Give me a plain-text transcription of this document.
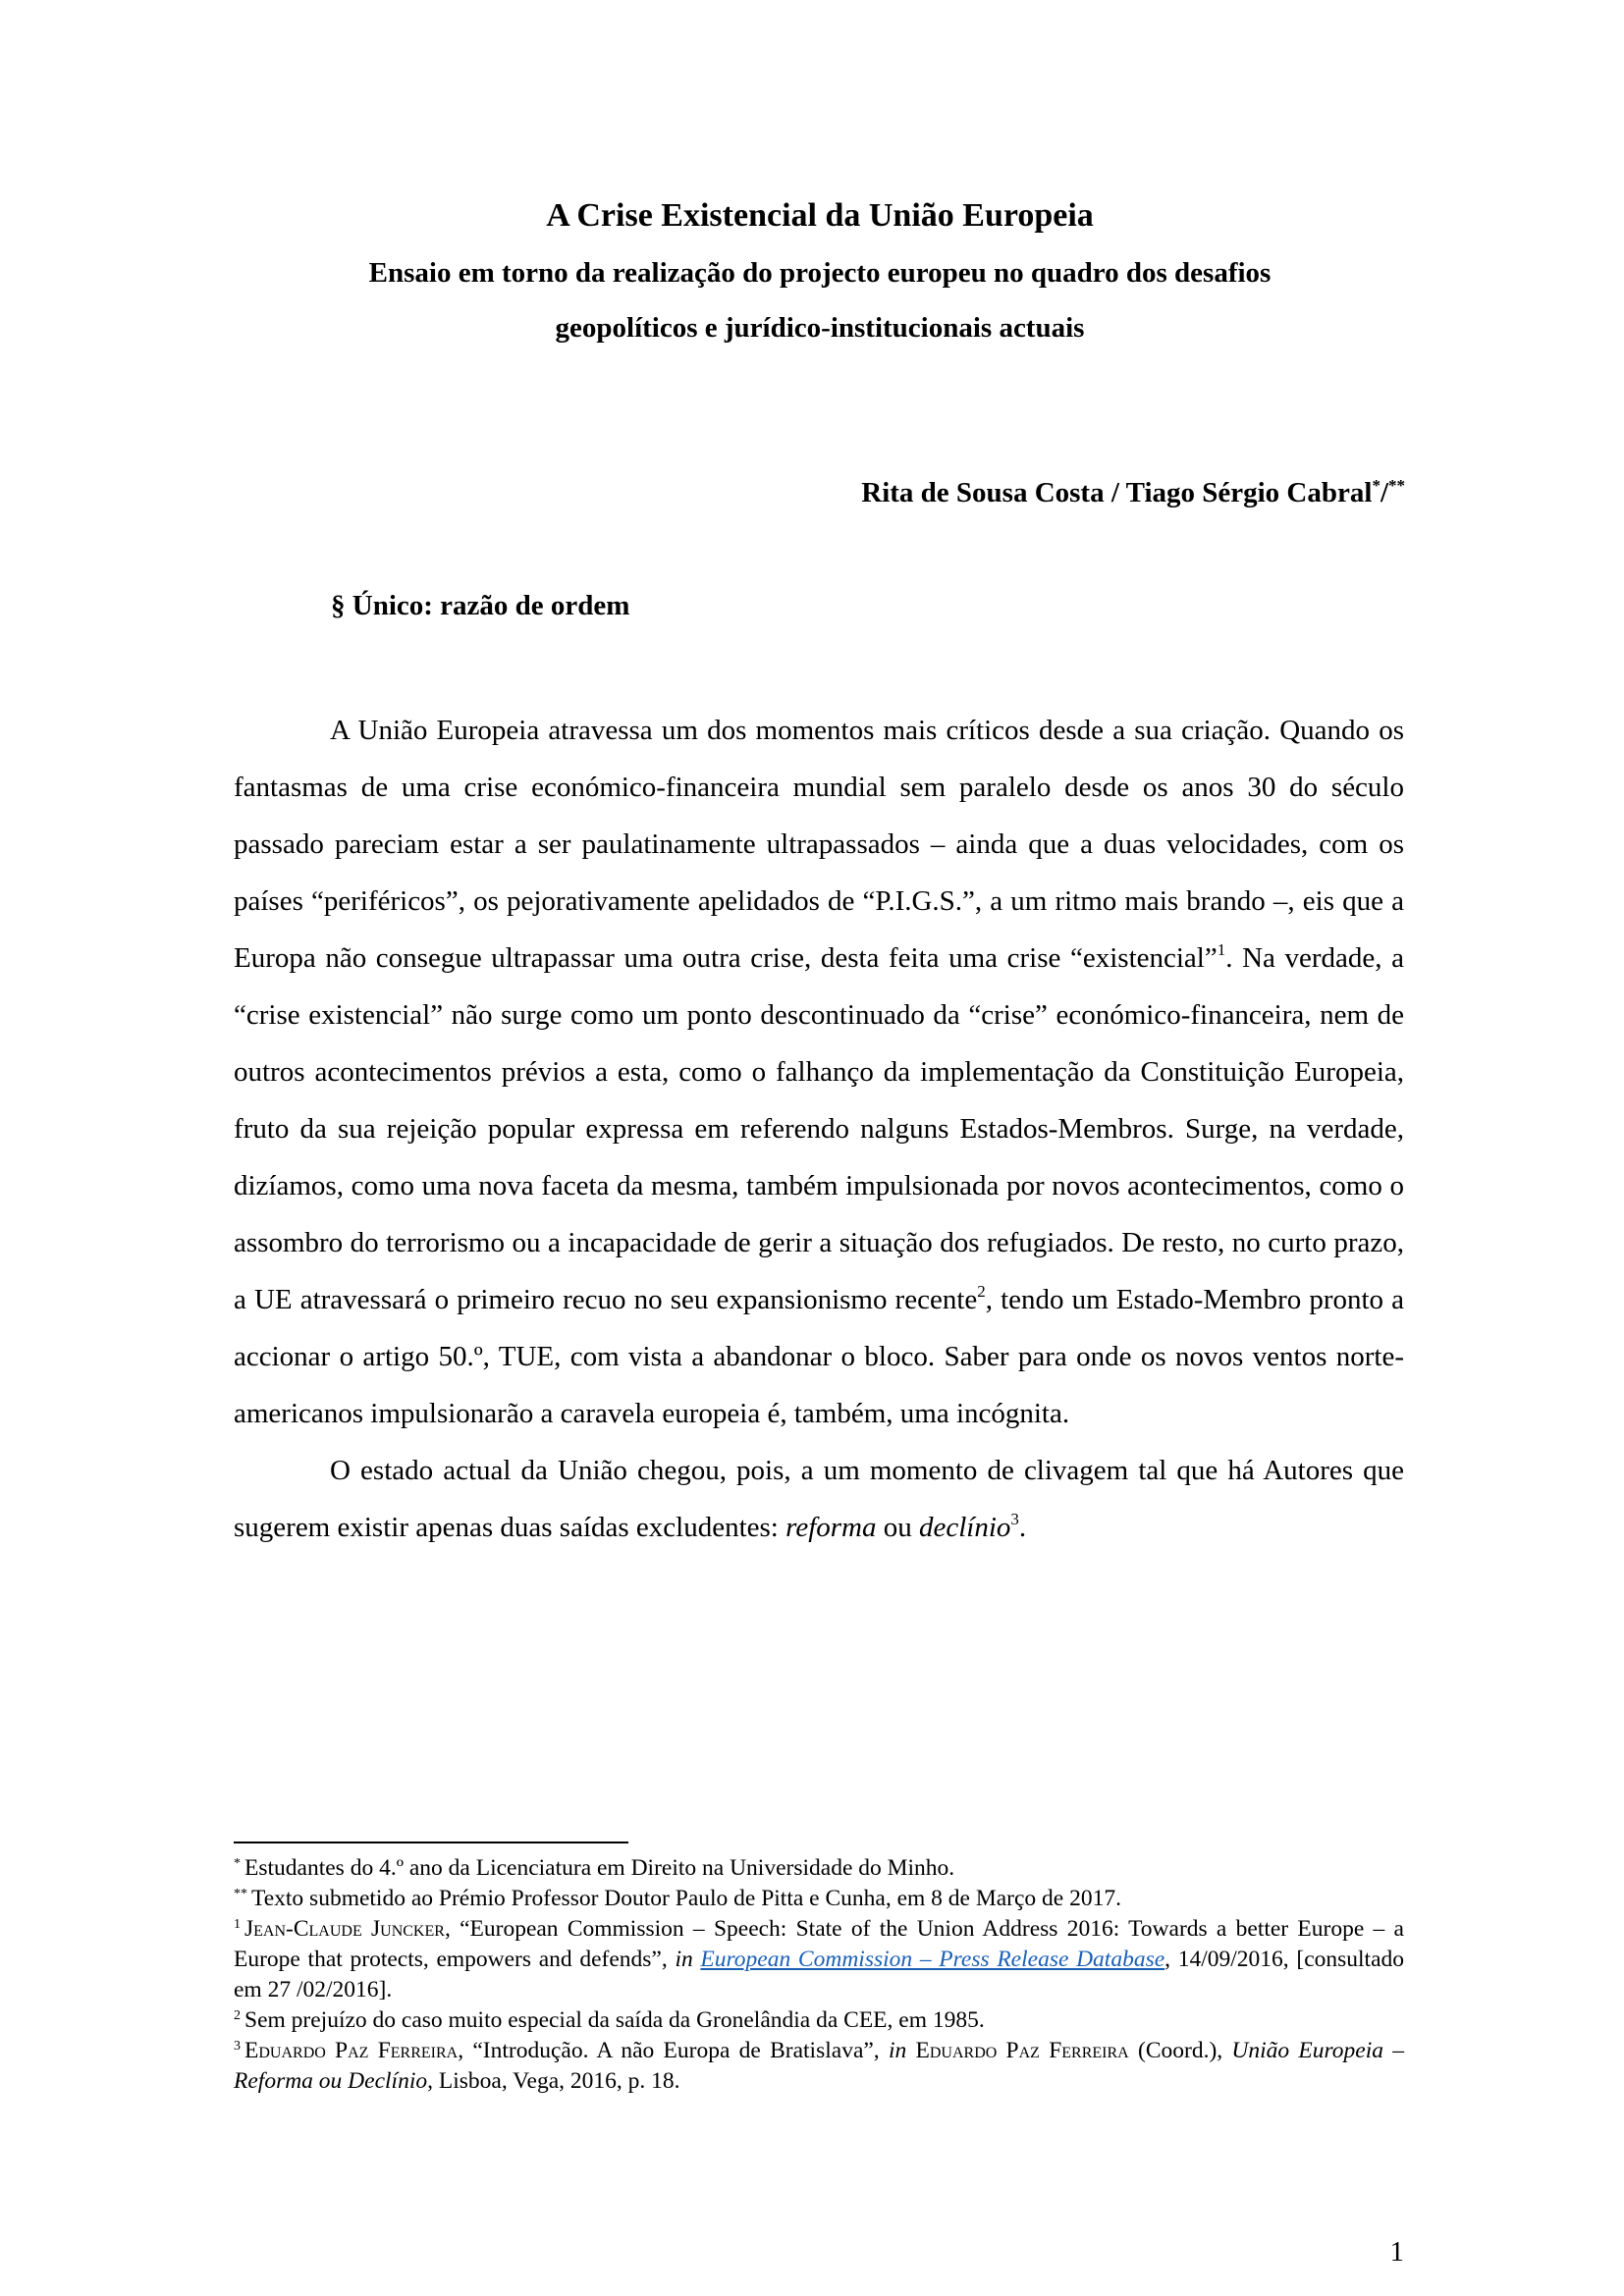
A Crise Existencial da União Europeia

Ensaio em torno da realização do projecto europeu no quadro dos desafios

geopolíticos e jurídico-institucionais actuais

Rita de Sousa Costa / Tiago Sérgio Cabral*/**
§ Único: razão de ordem

A União Europeia atravessa um dos momentos mais críticos desde a sua criação. Quando os fantasmas de uma crise económico-financeira mundial sem paralelo desde os anos 30 do século passado pareciam estar a ser paulatinamente ultrapassados – ainda que a duas velocidades, com os países “periféricos”, os pejorativamente apelidados de “P.I.G.S.”, a um ritmo mais brando –, eis que a Europa não consegue ultrapassar uma outra crise, desta feita uma crise “existencial”$^1$. Na verdade, a “crise existencial” não surge como um ponto descontinuado da “crise” económico-financeira, nem de outros acontecimentos prévios a esta, como o falhanço da implementação da Constituição Europeia, fruto da sua rejeição popular expressa em referendo nalguns Estados-Membros. Surge, na verdade, dizíamos, como uma nova faceta da mesma, também impulsionada por novos acontecimentos, como o assombro do terrorismo ou a incapacidade de gerir a situação dos refugiados. De resto, no curto prazo, a UE atravessará o primeiro recuo no seu expansionismo recente$^2$, tendo um Estado-Membro pronto a accionar o artigo 50.º, TUE, com vista a abandonar o bloco. Saber para onde os novos ventos norte-americanos impulsionarão a caravela europeia é, também, uma incógnita.

O estado actual da União chegou, pois, a um momento de clivagem tal que há Autores que sugerem existir apenas duas saídas excludentes: reforma ou declínio$^3$.

* Estudantes do 4.º ano da Licenciatura em Direito na Universidade do Minho.

** Texto submetido ao Prémio Professor Doutor Paulo de Pitta e Cunha, em 8 de Março de 2017.

$^1$ Jean-Claude Juncker, “European Commission – Speech: State of the Union Address 2016: Towards a better Europe – a Europe that protects, empowers and defends”, in European Commission – Press Release Database, 14/09/2016, [consultado em 27 /02/2016].

$^2$ Sem prejuízo do caso muito especial da saída da Gronelândia da CEE, em 1985.

$^3$ Eduardo Paz Ferreira, “Introdução. A não Europa de Bratislava”, in Eduardo Paz Ferreira (Coord.), União Europeia – Reforma ou Declínio, Lisboa, Vega, 2016, p. 18.

1
